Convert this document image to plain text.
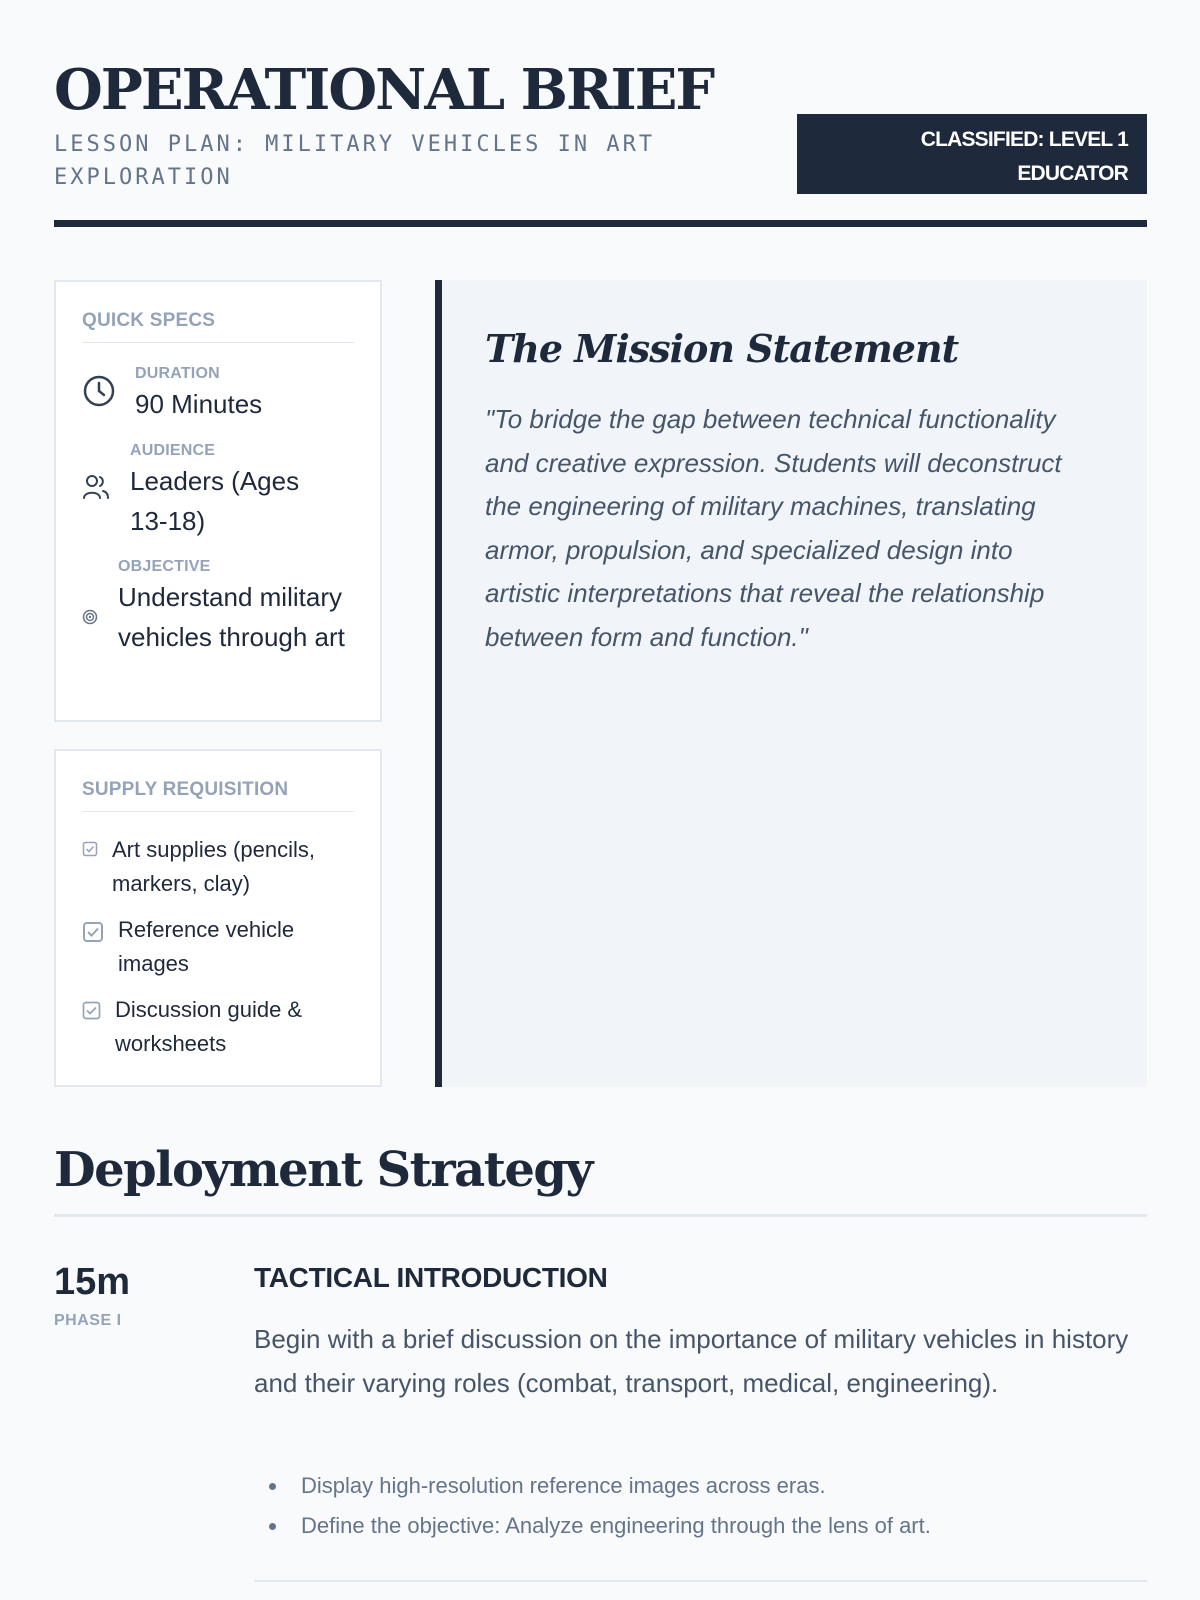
OPERATIONAL BRIEF
LESSON PLAN: MILITARY VEHICLES IN ART EXPLORATION
CLASSIFIED: LEVEL 1
EDUCATOR
QUICK SPECS
DURATION
90 Minutes
AUDIENCE
Leaders (Ages 13-18)
OBJECTIVE
Understand military vehicles through art
SUPPLY REQUISITION
Art supplies (pencils, markers, clay)
Reference vehicle images
Discussion guide & worksheets
The Mission Statement

"To bridge the gap between technical functionality and creative expression. Students will deconstruct the engineering of military machines, translating armor, propulsion, and specialized design into artistic interpretations that reveal the relationship between form and function."

Deployment Strategy
15m
PHASE I
TACTICAL INTRODUCTION

Begin with a brief discussion on the importance of military vehicles in history and their varying roles (combat, transport, medical, engineering).

Display high-resolution reference images across eras.
Define the objective: Analyze engineering through the lens of art.
